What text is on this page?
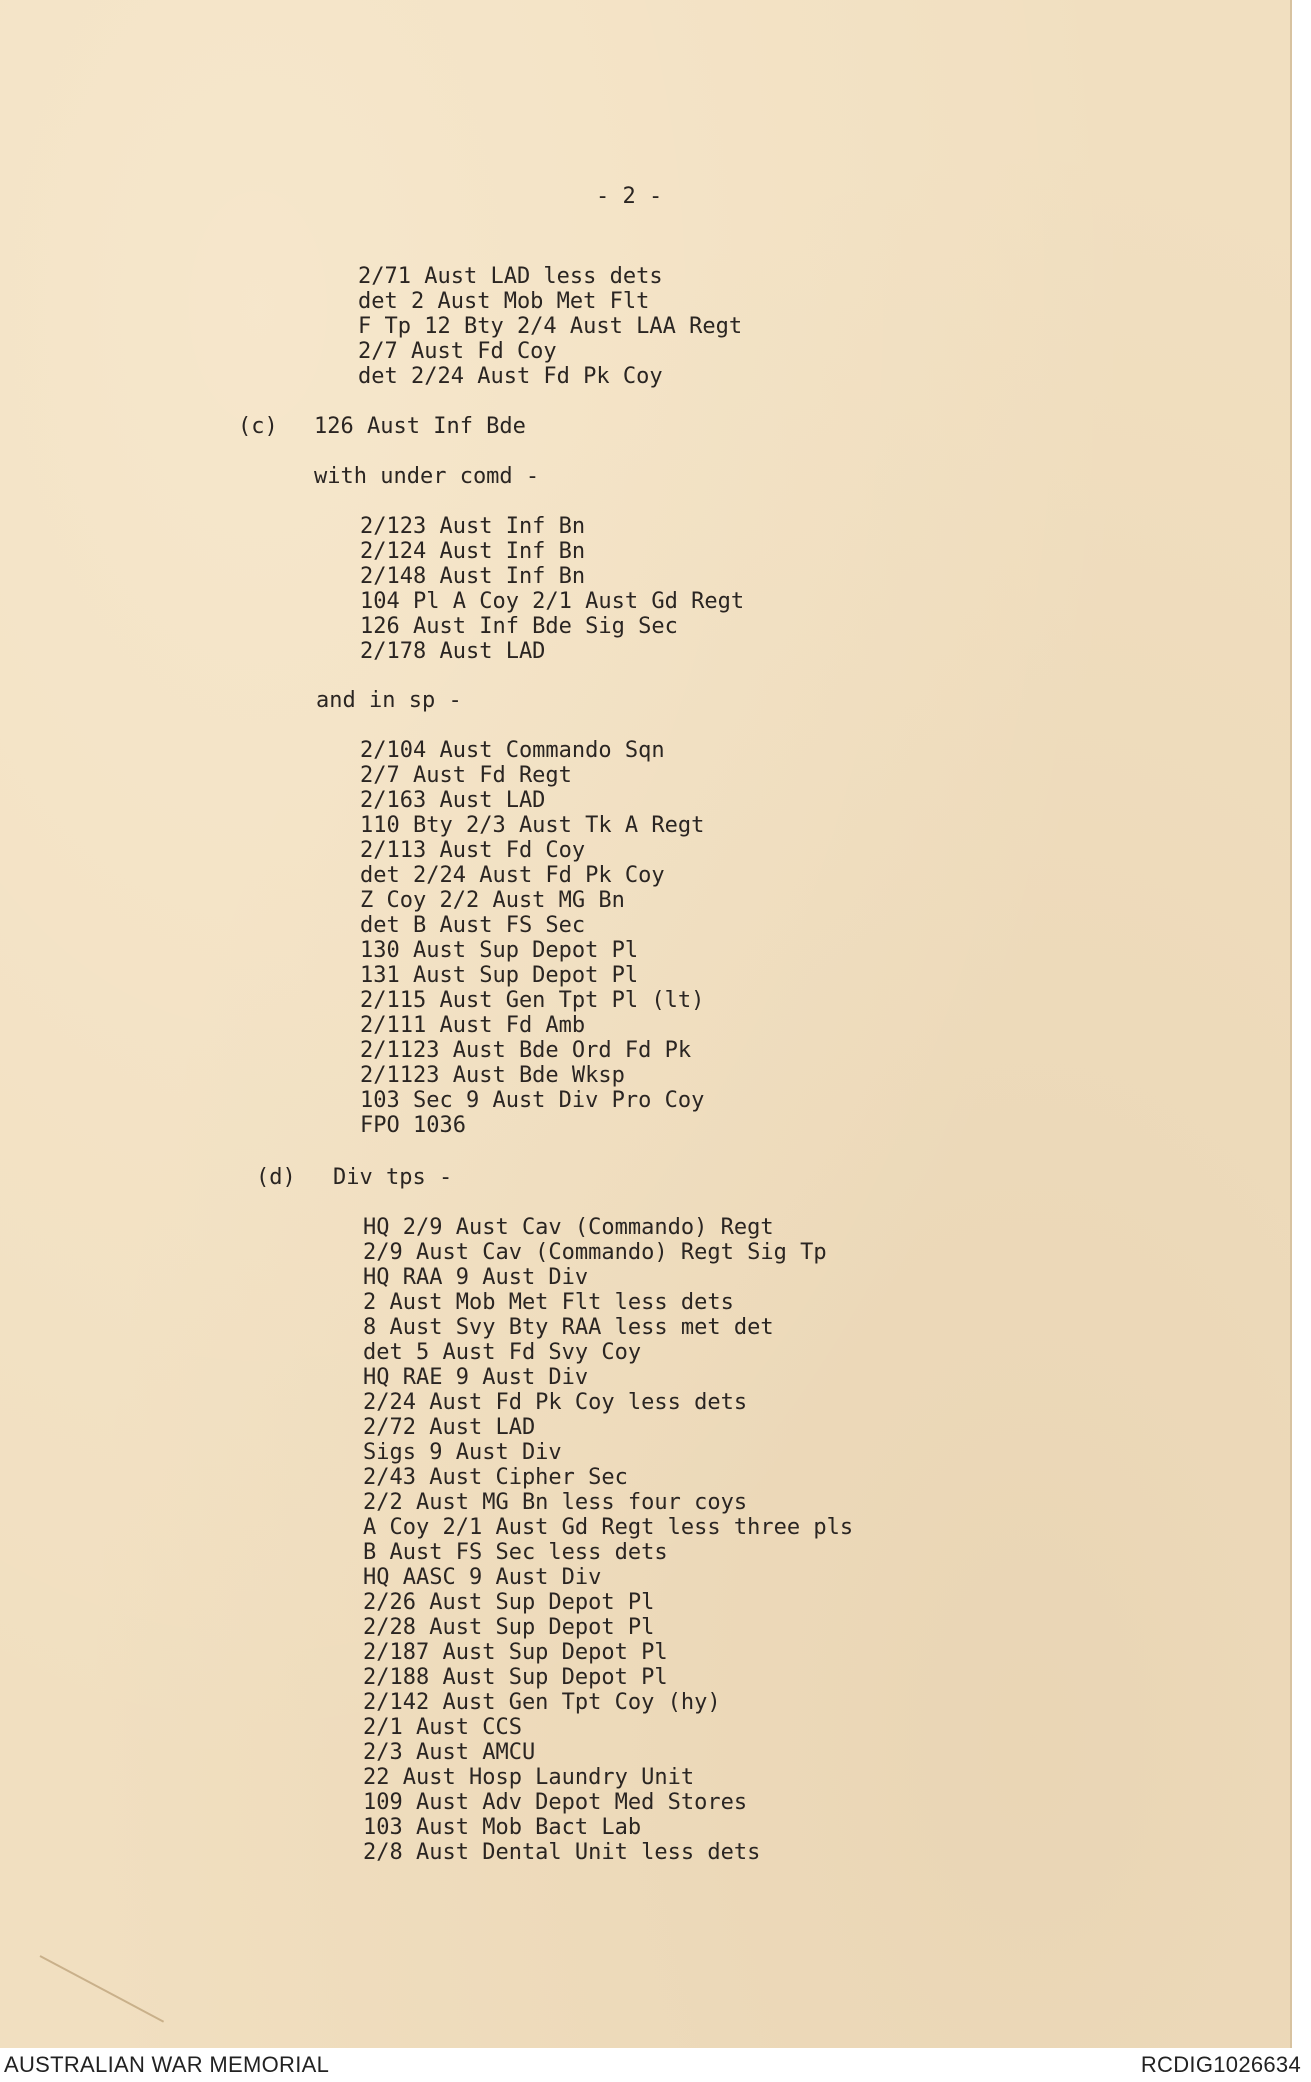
- 2 -
2/71 Aust LAD less dets
det 2 Aust Mob Met Flt
F Tp 12 Bty 2/4 Aust LAA Regt
2/7 Aust Fd Coy
det 2/24 Aust Fd Pk Coy
(c) 126 Aust Inf Bde
with under comd -
2/123 Aust Inf Bn
2/124 Aust Inf Bn
2/148 Aust Inf Bn
104 Pl A Coy 2/1 Aust Gd Regt
126 Aust Inf Bde Sig Sec
2/178 Aust LAD
and in sp -
2/104 Aust Commando Sqn
2/7 Aust Fd Regt
2/163 Aust LAD
110 Bty 2/3 Aust Tk A Regt
2/113 Aust Fd Coy
det 2/24 Aust Fd Pk Coy
Z Coy 2/2 Aust MG Bn
det B Aust FS Sec
130 Aust Sup Depot Pl
131 Aust Sup Depot Pl
2/115 Aust Gen Tpt Pl (lt)
2/111 Aust Fd Amb
2/1123 Aust Bde Ord Fd Pk
2/1123 Aust Bde Wksp
103 Sec 9 Aust Div Pro Coy
FPO 1036
(d) Div tps -
HQ 2/9 Aust Cav (Commando) Regt
2/9 Aust Cav (Commando) Regt Sig Tp
HQ RAA 9 Aust Div
2 Aust Mob Met Flt less dets
8 Aust Svy Bty RAA less met det
det 5 Aust Fd Svy Coy
HQ RAE 9 Aust Div
2/24 Aust Fd Pk Coy less dets
2/72 Aust LAD
Sigs 9 Aust Div
2/43 Aust Cipher Sec
2/2 Aust MG Bn less four coys
A Coy 2/1 Aust Gd Regt less three pls
B Aust FS Sec less dets
HQ AASC 9 Aust Div
2/26 Aust Sup Depot Pl
2/28 Aust Sup Depot Pl
2/187 Aust Sup Depot Pl
2/188 Aust Sup Depot Pl
2/142 Aust Gen Tpt Coy (hy)
2/1 Aust CCS
2/3 Aust AMCU
22 Aust Hosp Laundry Unit
109 Aust Adv Depot Med Stores
103 Aust Mob Bact Lab
2/8 Aust Dental Unit less dets
AUSTRALIAN WAR MEMORIAL	RCDIG1026634
